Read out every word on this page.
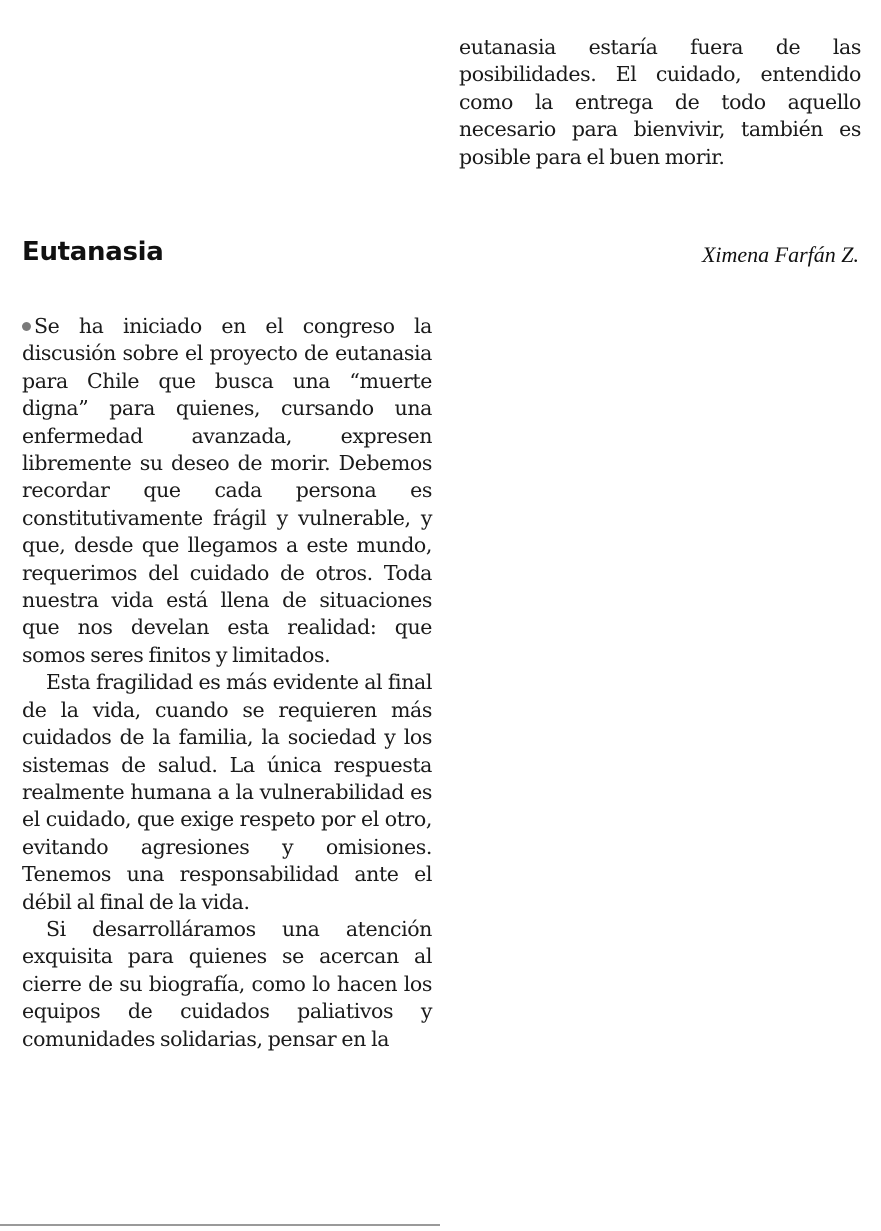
eutanasia estaría fuera de las posibilidades. El cuidado, entendido como la entrega de todo aquello necesario para bienvivir, también es posible para el buen morir.

Eutanasia	Ximena Farfán Z.

Se ha iniciado en el congreso la discusión sobre el proyecto de eutanasia para Chile que busca una “muerte digna” para quienes, cursando una enfermedad avanzada, expresen libremente su deseo de morir. Debemos recordar que cada persona es constitutivamente frágil y vulnerable, y que, desde que llegamos a este mundo, requerimos del cuidado de otros. Toda nuestra vida está llena de situaciones que nos develan esta realidad: que somos seres finitos y limitados.

Esta fragilidad es más evidente al final de la vida, cuando se requieren más cuidados de la familia, la sociedad y los sistemas de salud. La única respuesta realmente humana a la vulnerabilidad es el cuidado, que exige respeto por el otro, evitando agresiones y omisiones. Tenemos una responsabilidad ante el débil al final de la vida.

Si desarrolláramos una atención exquisita para quienes se acercan al cierre de su biografía, como lo hacen los equipos de cuidados paliativos y comunidades solidarias, pensar en la
